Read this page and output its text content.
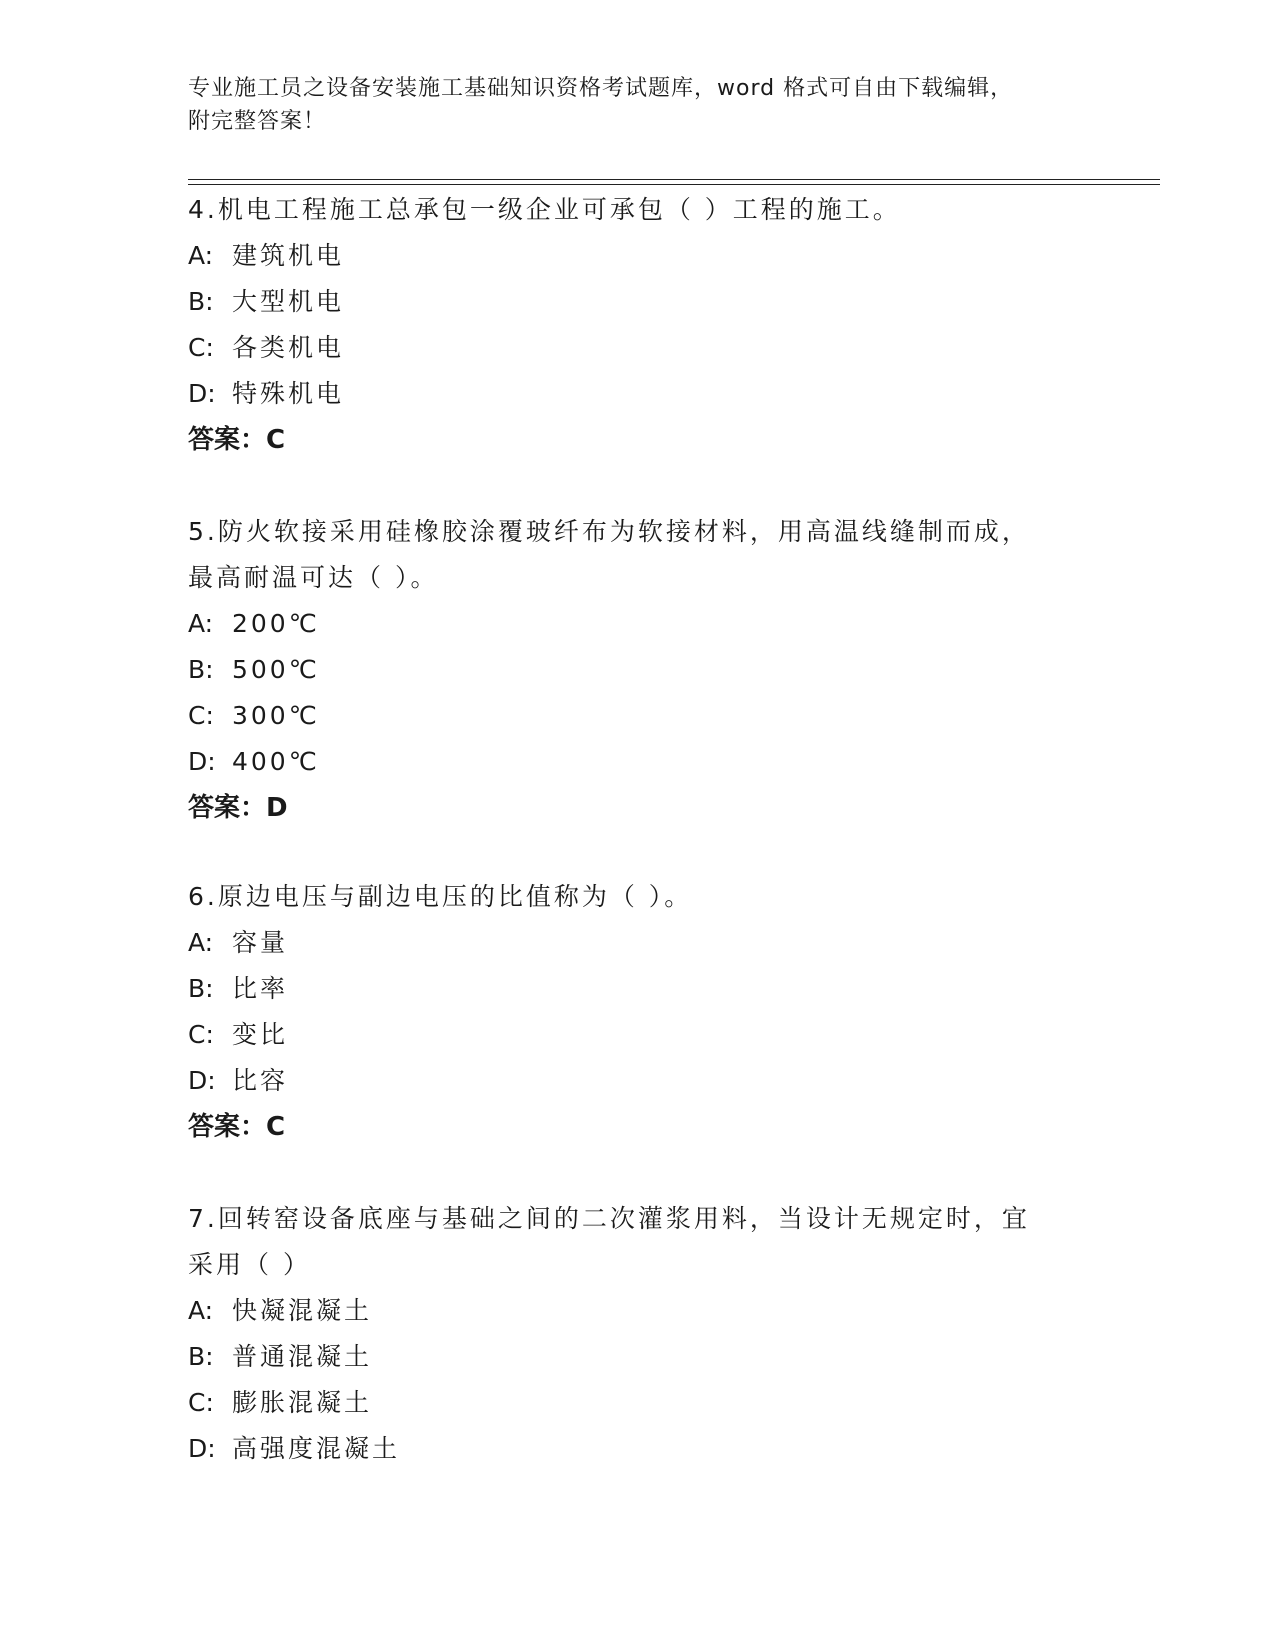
专业施工员之设备安装施工基础知识资格考试题库，word 格式可自由下载编辑，
附完整答案！

4.机电工程施工总承包一级企业可承包（ ）工程的施工。

A: 建筑机电

B: 大型机电

C: 各类机电

D: 特殊机电

答案：C

5.防火软接采用硅橡胶涂覆玻纤布为软接材料，用高温线缝制而成，

最高耐温可达（ ）。

A: 200℃

B: 500℃

C: 300℃

D: 400℃

答案：D

6.原边电压与副边电压的比值称为（ ）。

A: 容量

B: 比率

C: 变比

D: 比容

答案：C

7.回转窑设备底座与基础之间的二次灌浆用料，当设计无规定时，宜

采用（ ）

A: 快凝混凝土

B: 普通混凝土

C: 膨胀混凝土

D: 高强度混凝土
